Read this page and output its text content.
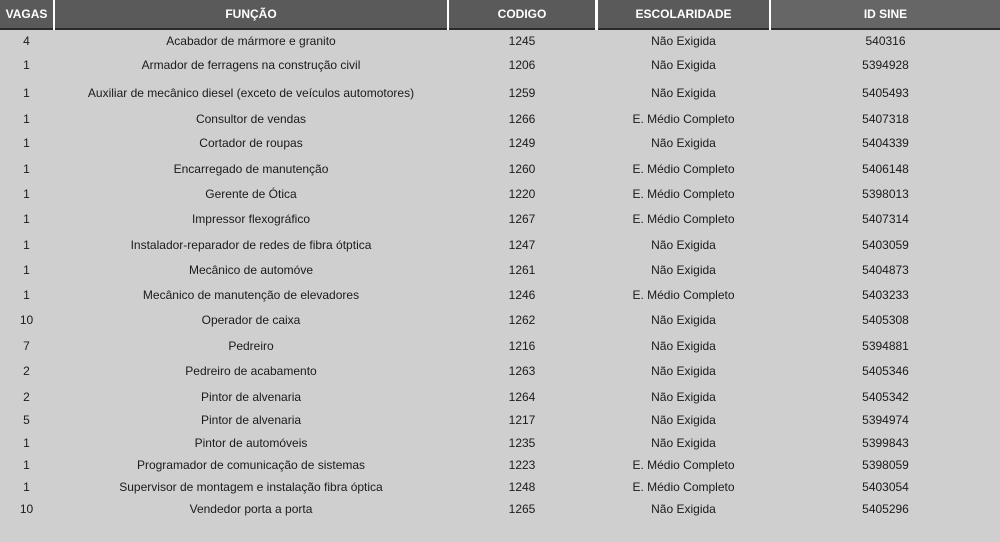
VAGAS	FUNÇÃO	CODIGO	ESCOLARIDADE	ID SINE
4	Acabador de mármore e granito	1245	Não Exigida	540316
1	Armador de ferragens na construção civil	1206	Não Exigida	5394928
1	Auxiliar de mecânico diesel (exceto de veículos automotores)	1259	Não Exigida	5405493
1	Consultor de vendas	1266	E. Médio Completo	5407318
1	Cortador de roupas	1249	Não Exigida	5404339
1	Encarregado de manutenção	1260	E. Médio Completo	5406148
1	Gerente de Ótica	1220	E. Médio Completo	5398013
1	Impressor flexográfico	1267	E. Médio Completo	5407314
1	Instalador-reparador de redes de fibra ótptica	1247	Não Exigida	5403059
1	Mecânico de automóve	1261	Não Exigida	5404873
1	Mecânico de manutenção de elevadores	1246	E. Médio Completo	5403233
10	Operador de caixa	1262	Não Exigida	5405308
7	Pedreiro	1216	Não Exigida	5394881
2	Pedreiro de acabamento	1263	Não Exigida	5405346
2	Pintor de alvenaria	1264	Não Exigida	5405342
5	Pintor de alvenaria	1217	Não Exigida	5394974
1	Pintor de automóveis	1235	Não Exigida	5399843
1	Programador de comunicação de sistemas	1223	E. Médio Completo	5398059
1	Supervisor de montagem e instalação fibra óptica	1248	E. Médio Completo	5403054
10	Vendedor porta a porta	1265	Não Exigida	5405296
